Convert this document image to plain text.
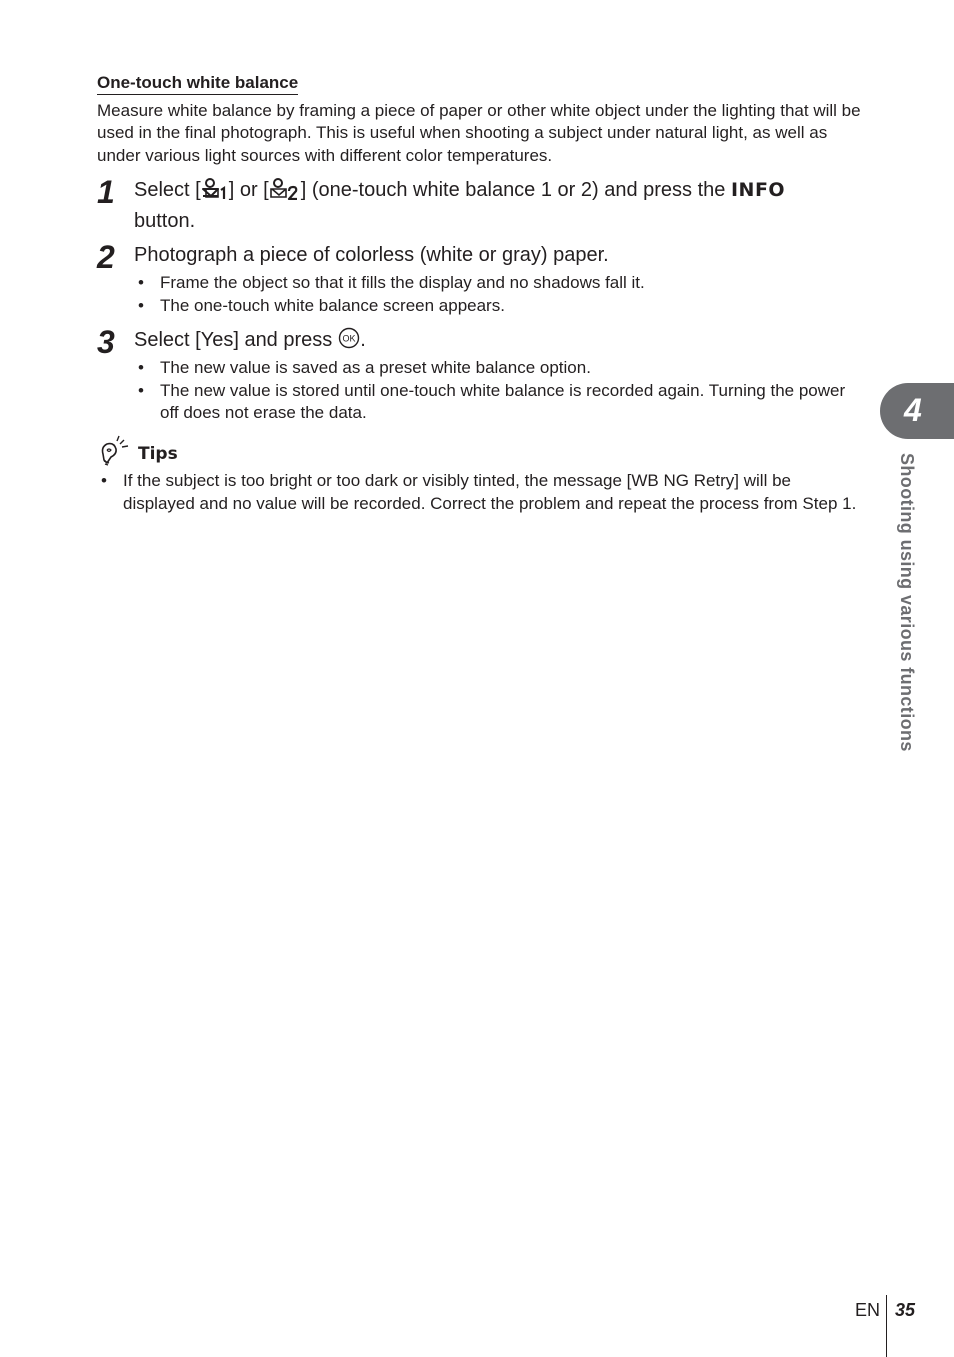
One-touch white balance
Measure white balance by framing a piece of paper or other white object under the lighting that will be used in the final photograph. This is useful when shooting a subject under natural light, as well as under various light sources with different color temperatures.
1 Select [ ] or [ ] (one-touch white balance 1 or 2) and press the INFO
button.
2 Photograph a piece of colorless (white or gray) paper.
• Frame the object so that it fills the display and no shadows fall it.
• The one-touch white balance screen appears.
3 Select [Yes] and press OK .
• The new value is saved as a preset white balance option.
• The new value is stored until one-touch white balance is recorded again. Turning the power off does not erase the data.
Tips
• If the subject is too bright or too dark or visibly tinted, the message [WB NG Retry] will be displayed and no value will be recorded. Correct the problem and repeat the process from Step 1.
4
Shooting using various functions
EN 35
